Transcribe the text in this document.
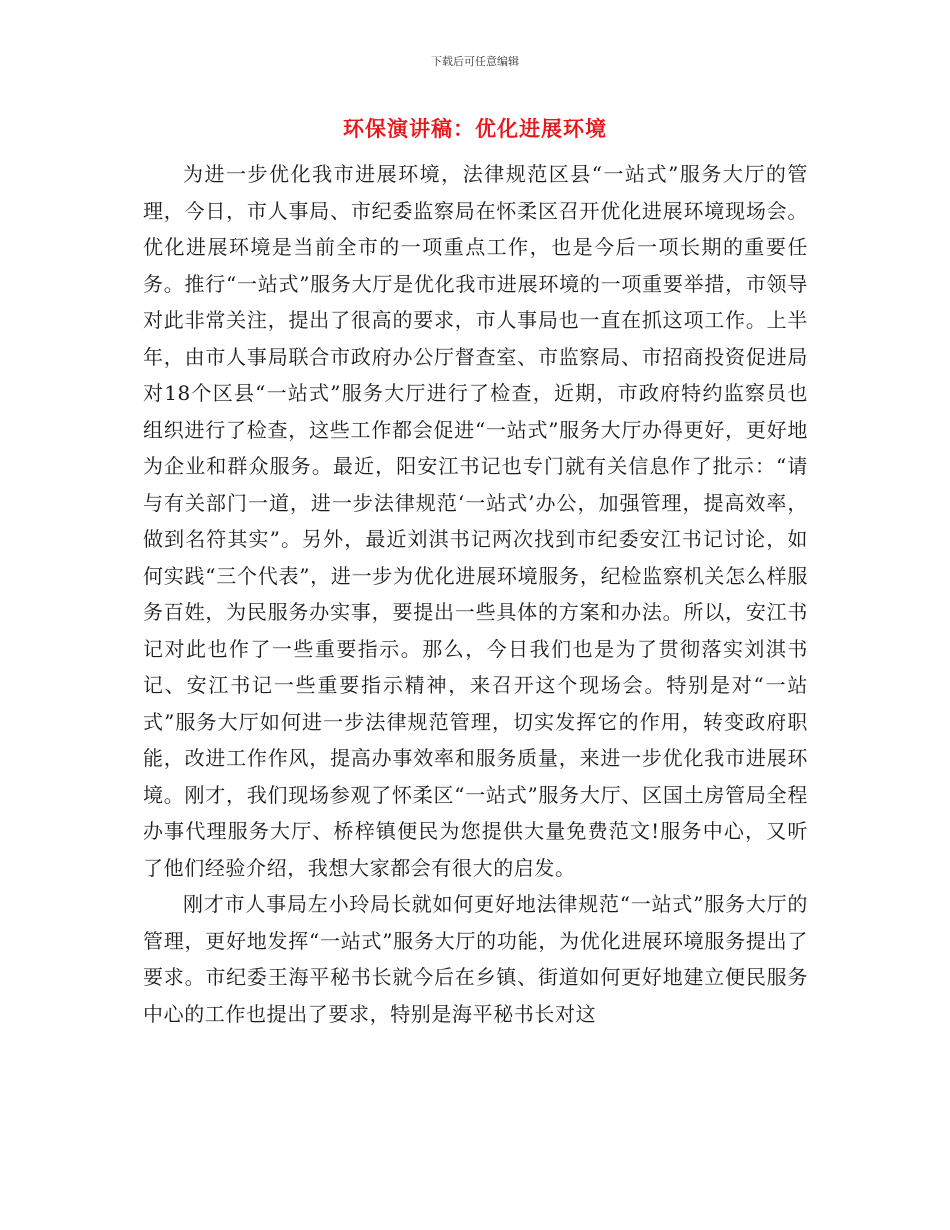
下载后可任意编辑
环保演讲稿：优化进展环境

为进一步优化我市进展环境，法律规范区县“一站式”服务大厅的管理，今日，市人事局、市纪委监察局在怀柔区召开优化进展环境现场会。优化进展环境是当前全市的一项重点工作，也是今后一项长期的重要任务。推行“一站式”服务大厅是优化我市进展环境的一项重要举措，市领导对此非常关注，提出了很高的要求，市人事局也一直在抓这项工作。上半年，由市人事局联合市政府办公厅督查室、市监察局、市招商投资促进局对18个区县“一站式”服务大厅进行了检查，近期，市政府特约监察员也组织进行了检查，这些工作都会促进“一站式”服务大厅办得更好，更好地为企业和群众服务。最近，阳安江书记也专门就有关信息作了批示：“请与有关部门一道，进一步法律规范‘一站式’办公，加强管理，提高效率，做到名符其实”。另外，最近刘淇书记两次找到市纪委安江书记讨论，如何实践“三个代表”，进一步为优化进展环境服务，纪检监察机关怎么样服务百姓，为民服务办实事，要提出一些具体的方案和办法。所以，安江书记对此也作了一些重要指示。那么，今日我们也是为了贯彻落实刘淇书记、安江书记一些重要指示精神，来召开这个现场会。特别是对“一站式”服务大厅如何进一步法律规范管理，切实发挥它的作用，转变政府职能，改进工作作风，提高办事效率和服务质量，来进一步优化我市进展环境。刚才，我们现场参观了怀柔区“一站式”服务大厅、区国土房管局全程办事代理服务大厅、桥梓镇便民为您提供大量免费范文!服务中心，又听了他们经验介绍，我想大家都会有很大的启发。

刚才市人事局左小玲局长就如何更好地法律规范“一站式”服务大厅的管理，更好地发挥“一站式”服务大厅的功能，为优化进展环境服务提出了要求。市纪委王海平秘书长就今后在乡镇、街道如何更好地建立便民服务中心的工作也提出了要求，特别是海平秘书长对这
